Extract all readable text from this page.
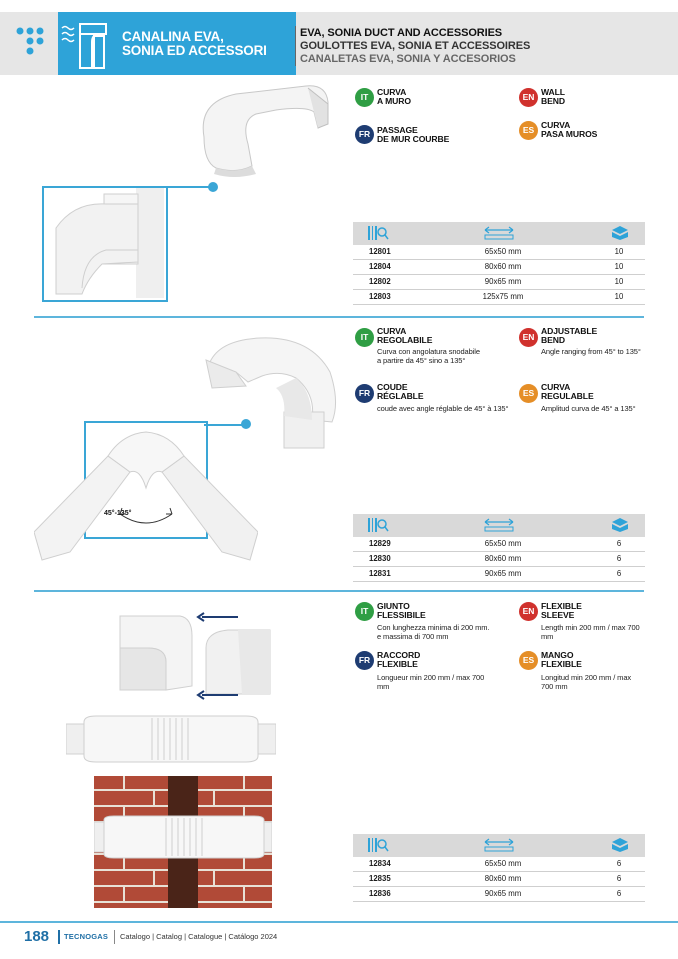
CANALINA EVA,
SONIA ED ACCESSORI
EVA, SONIA DUCT AND ACCESSORIES
GOULOTTES EVA, SONIA ET ACCESSOIRES
CANALETAS EVA, SONIA Y ACCESORIOS
IT	CURVA
A MURO	EN WALL
BEND
FR PASSAGE
DE MUR COURBE
ES CURVA
PASA MUROS
12801	65x50 mm	10
12804	80x60 mm	10
12802	90x65 mm	10
12803	125x75 mm	10
45°-135°
IT
CURVA
REGOLABILE
Curva con angolatura snodabile
a partire da 45° sino a 135°
EN
ADJUSTABLE
BEND
Angle ranging from 45° to 135°
FR
COUDE
RÉGLABLE
coude avec angle réglable de 45° à 135°
ES
CURVA
REGULABLE
Amplitud curva de 45° a 135°
12829	65x50 mm	6
12830	80x60 mm	6
12831	90x65 mm	6
IT	GIUNTO
FLESSIBILE
Con lunghezza minima di 200 mm.
e massima di 700 mm
EN FLEXIBLE
SLEEVE
Length min 200 mm / max 700
mm
FR RACCORD
FLEXIBLE
Longueur min 200 mm / max 700
mm
ES MANGO
FLEXIBLE
Longitud min 200 mm / max
700 mm
12834	65x50 mm	6
12835	80x60 mm	6
12836	90x65 mm	6
188 TECNOGAS Catalogo | Catalog | Catalogue | Catálogo 2024
